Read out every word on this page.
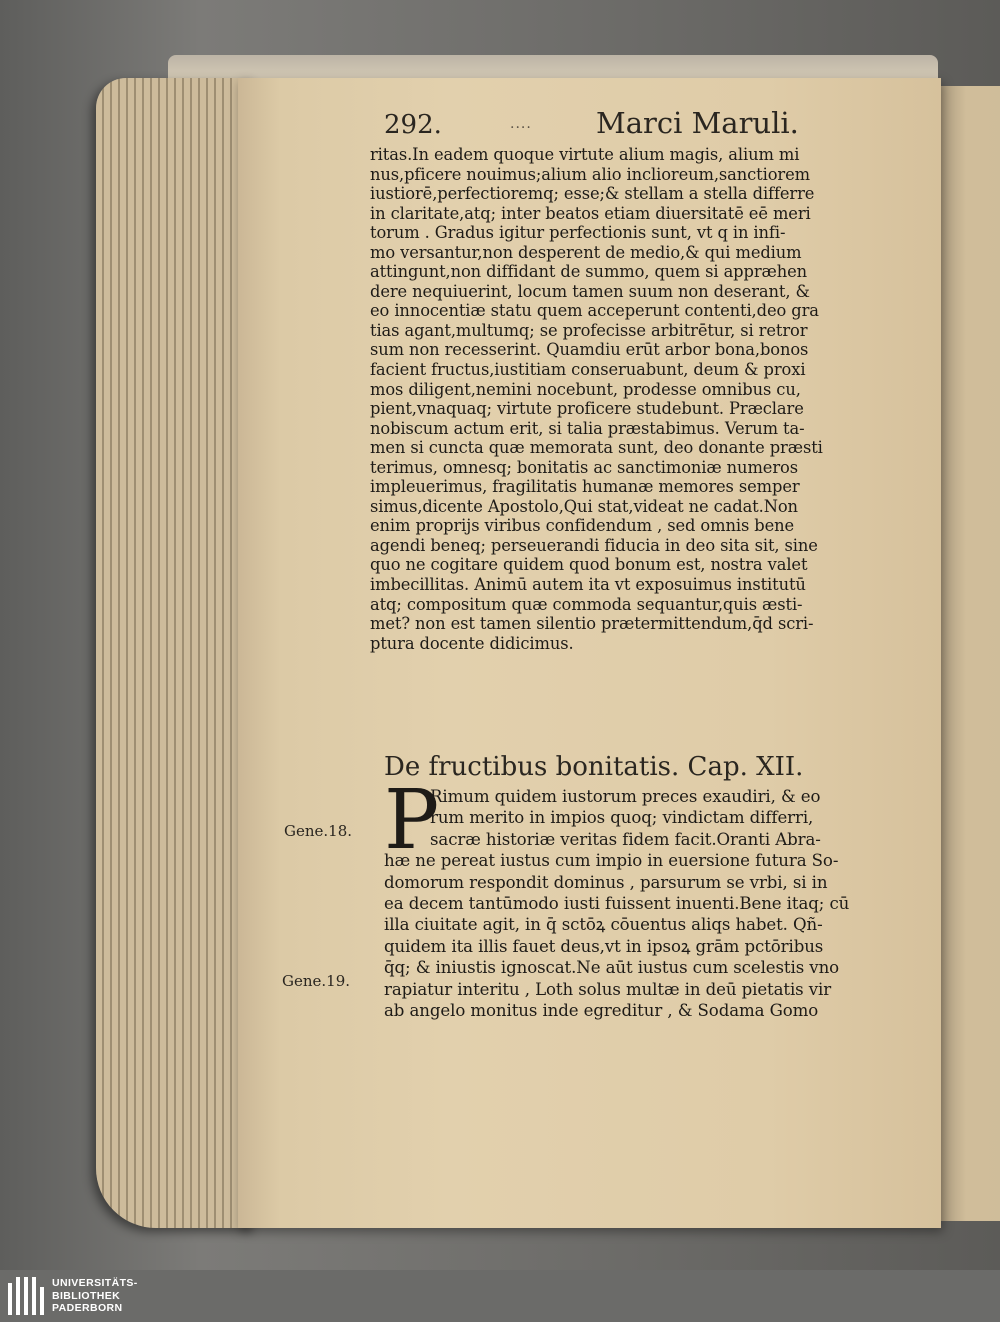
292.	.... Marci Maruli.
ritas.In eadem quoque virtute alium magis, alium mi
nus,pficere nouimus;alium alio inclioreum,sanctiorem
iustiorē,perfectioremq; esse;& stellam a stella differre
in claritate,atq; inter beatos etiam diuersitatē eē meri
torum . Gradus igitur perfectionis sunt, vt q in infi-
mo versantur,non desperent de medio,& qui medium
attingunt,non diffidant de summo, quem si appræhen
dere nequiuerint, locum tamen suum non deserant, &
eo innocentiæ statu quem acceperunt contenti,deo gra
tias agant,multumq; se profecisse arbitrētur, si retror
sum non recesserint. Quamdiu erūt arbor bona,bonos
facient fructus,iustitiam conseruabunt, deum & proxi
mos diligent,nemini nocebunt, prodesse omnibus cu,
pient,vnaquaq; virtute proficere studebunt. Præclare
nobiscum actum erit, si talia præstabimus. Verum ta-
men si cuncta quæ memorata sunt, deo donante præsti
terimus, omnesq; bonitatis ac sanctimoniæ numeros
impleuerimus, fragilitatis humanæ memores semper
simus,dicente Apostolo,Qui stat,videat ne cadat.Non
enim proprijs viribus confidendum , sed omnis bene
agendi beneq; perseuerandi fiducia in deo sita sit, sine
quo ne cogitare quidem quod bonum est, nostra valet
imbecillitas. Animū autem ita vt exposuimus institutū
atq; compositum quæ commoda sequantur,quis æsti-
met? non est tamen silentio prætermittendum,q̄d scri-
ptura docente didicimus.
De fructibus bonitatis. Cap. XII.
P
Rimum quidem iustorum preces exaudiri, & eo
rum merito in impios quoq; vindictam differri,
sacræ historiæ veritas fidem facit.Oranti Abra-
hæ ne pereat iustus cum impio in euersione futura So-
domorum respondit dominus , parsurum se vrbi, si in
ea decem tantūmodo iusti fuissent inuenti.Bene itaq; cū
illa ciuitate agit, in q̄ sctōꝝ cōuentus aliqs habet. Qñ-
quidem ita illis fauet deus,vt in ipsoꝝ grām pctōribus
q̄q; & iniustis ignoscat.Ne aūt iustus cum scelestis vno
rapiatur interitu , Loth solus multæ in deū pietatis vir
ab angelo monitus inde egreditur , & Sodama Gomo
Gene.18.
Gene.19.
UNIVERSITÄTS-
BIBLIOTHEK
PADERBORN
